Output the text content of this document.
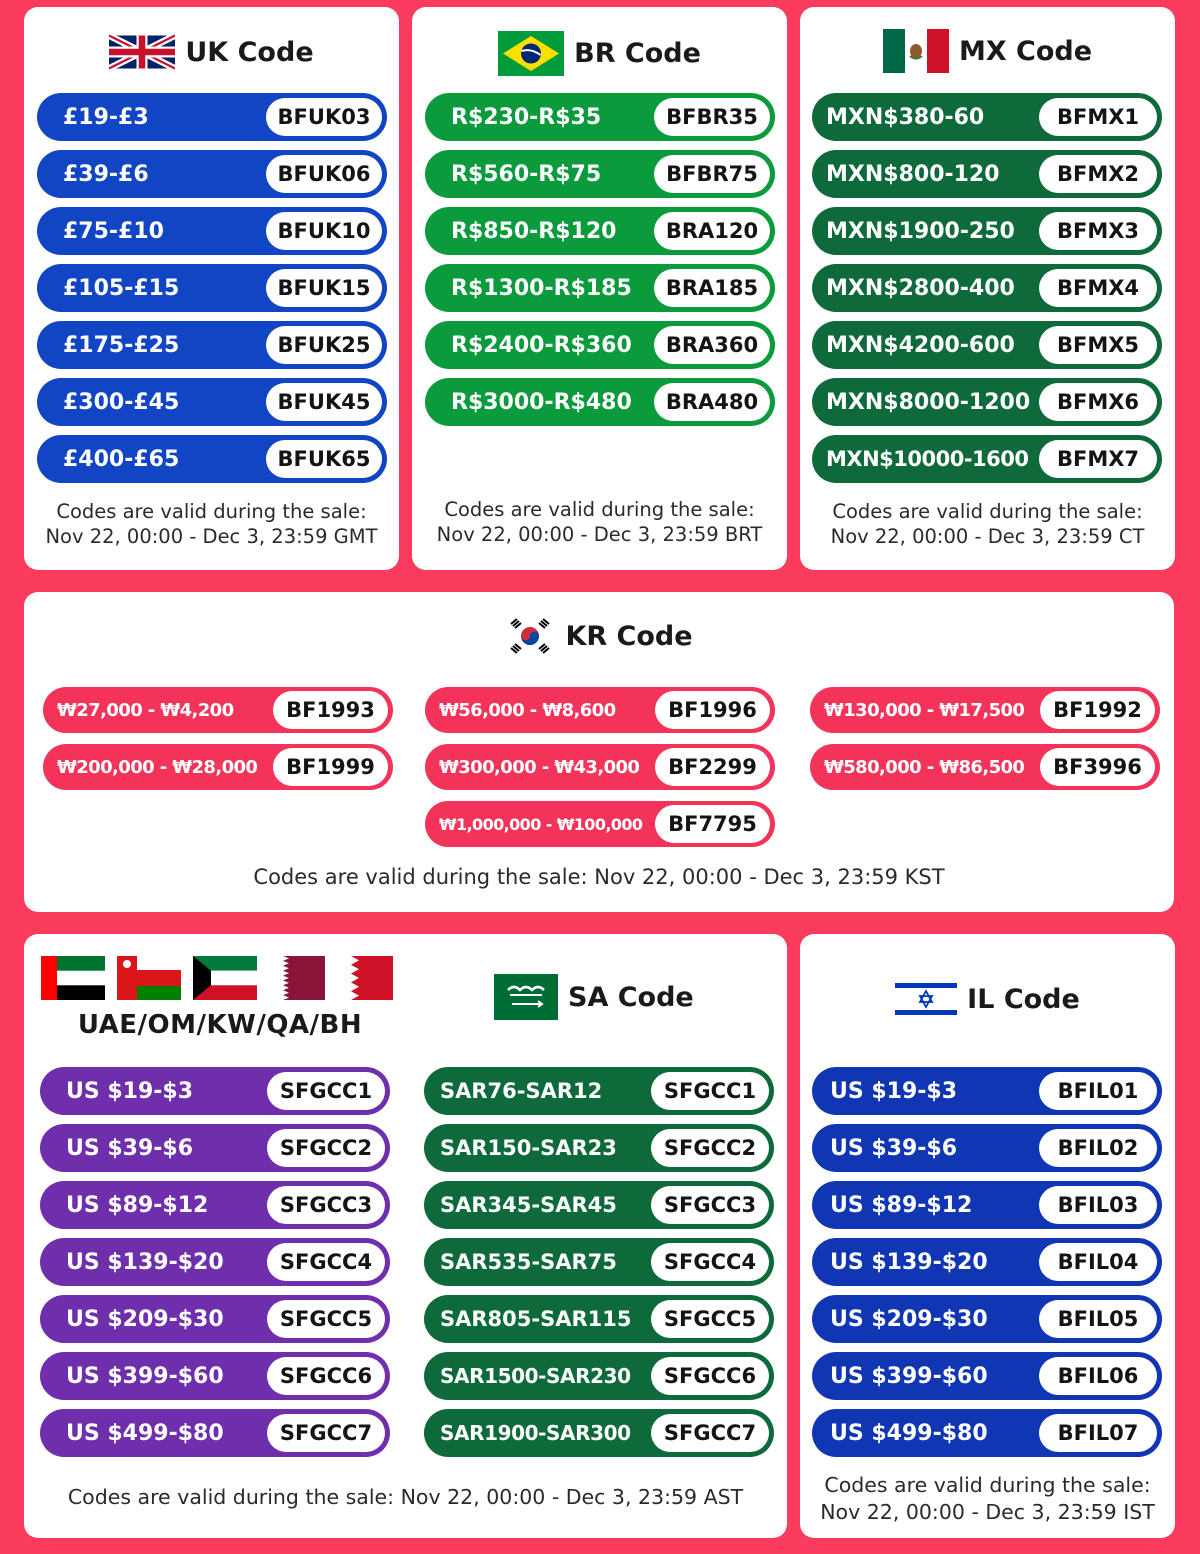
UK Code
£19-£3	BFUK03
£39-£6	BFUK06
£75-£10	BFUK10
£105-£15	BFUK15
£175-£25	BFUK25
£300-£45	BFUK45
£400-£65	BFUK65
Codes are valid during the sale:
Nov 22, 00:00 - Dec 3, 23:59 GMT
BR Code
R$230-R$35	BFBR35
R$560-R$75	BFBR75
R$850-R$120	BRA120
R$1300-R$185	BRA185
R$2400-R$360	BRA360
R$3000-R$480	BRA480
Codes are valid during the sale:
Nov 22, 00:00 - Dec 3, 23:59 BRT
MX Code
MXN$380-60	BFMX1
MXN$800-120	BFMX2
MXN$1900-250	BFMX3
MXN$2800-400	BFMX4
MXN$4200-600	BFMX5
MXN$8000-1200	BFMX6
MXN$10000-1600	BFMX7
Codes are valid during the sale:
Nov 22, 00:00 - Dec 3, 23:59 CT
KR Code
₩27,000 - ₩4,200	BF1993	₩56,000 - ₩8,600	BF1996	₩130,000 - ₩17,500	BF1992
₩200,000 - ₩28,000	BF1999	₩300,000 - ₩43,000	BF2299	₩580,000 - ₩86,500	BF3996
₩1,000,000 - ₩100,000	BF7795
Codes are valid during the sale: Nov 22, 00:00 - Dec 3, 23:59 KST
UAE/OM/KW/QA/BH
SA Code
US $19-$3	SFGCC1
US $39-$6	SFGCC2
US $89-$12	SFGCC3
US $139-$20	SFGCC4
US $209-$30	SFGCC5
US $399-$60	SFGCC6
US $499-$80	SFGCC7
SAR76-SAR12	SFGCC1
SAR150-SAR23	SFGCC2
SAR345-SAR45	SFGCC3
SAR535-SAR75	SFGCC4
SAR805-SAR115	SFGCC5
SAR1500-SAR230	SFGCC6
SAR1900-SAR300	SFGCC7
Codes are valid during the sale: Nov 22, 00:00 - Dec 3, 23:59 AST
IL Code
US $19-$3	BFIL01
US $39-$6	BFIL02
US $89-$12	BFIL03
US $139-$20	BFIL04
US $209-$30	BFIL05
US $399-$60	BFIL06
US $499-$80	BFIL07
Codes are valid during the sale:
Nov 22, 00:00 - Dec 3, 23:59 IST
